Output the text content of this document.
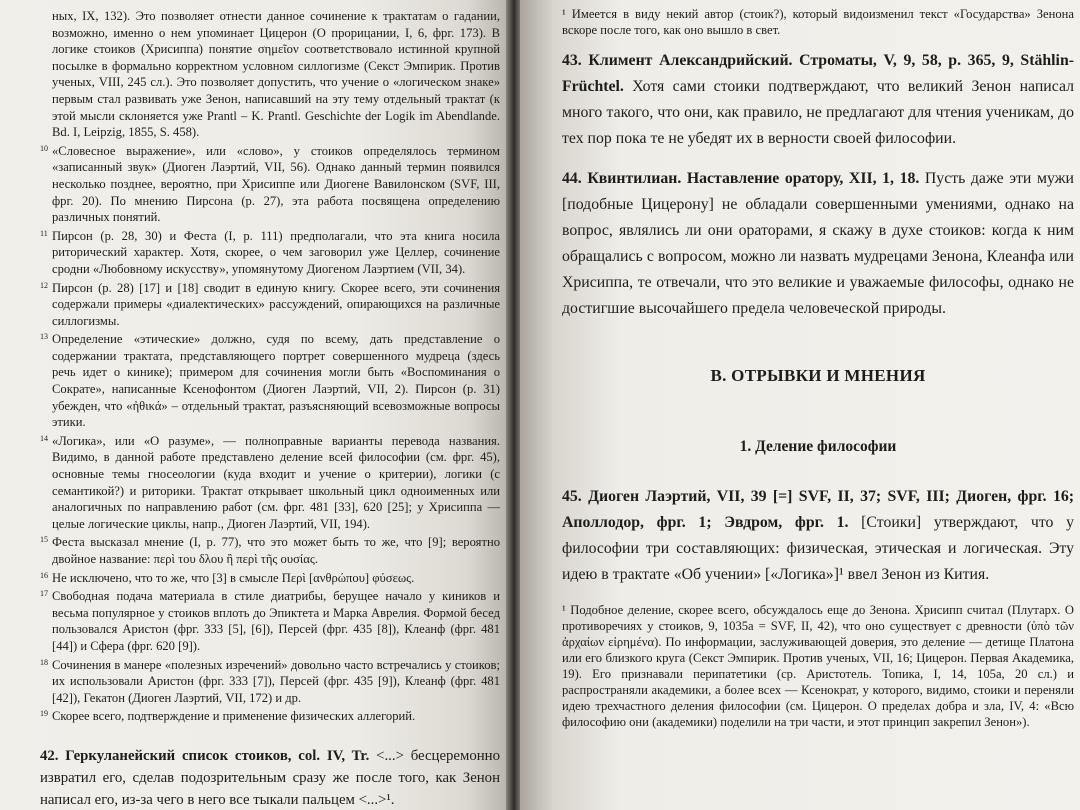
ных, IX, 132). Это позволяет отнести данное сочинение к трактатам о гадании, возможно, именно о нем упоминает Цицерон (О прорицании, I, 6, фрг. 173). В логике стоиков (Хрисиппа) понятие σημεῖον соответствовало истинной крупной посылке в формально корректном условном силлогизме (Секст Эмпирик. Против ученых, VIII, 245 сл.). Это позволяет допустить, что учение о «логическом знаке» первым стал развивать уже Зенон, написавший на эту тему отдельный трактат (к этой мысли склоняется уже Prantl – K. Prantl. Geschichte der Logik im Abendlande. Bd. I, Leipzig, 1855, S. 458).

10 «Словесное выражение», или «слово», у стоиков определялось термином «записанный звук» (Диоген Лаэртий, VII, 56). Однако данный термин появился несколько позднее, вероятно, при Хрисиппе или Диогене Вавилонском (SVF, III, фрг. 20). По мнению Пирсона (р. 27), эта работа посвящена определению различных понятий.

11 Пирсон (р. 28, 30) и Феста (I, р. 111) предполагали, что эта книга носила риторический характер. Хотя, скорее, о чем заговорил уже Целлер, сочинение сродни «Любовному искусству», упомянутому Диогеном Лаэртием (VII, 34).

12 Пирсон (р. 28) [17] и [18] сводит в единую книгу. Скорее всего, эти сочинения содержали примеры «диалектических» рассуждений, опирающихся на различные силлогизмы.

13 Определение «этические» должно, судя по всему, дать представление о содержании трактата, представляющего портрет совершенного мудреца (здесь речь идет о кинике); примером для сочинения могли быть «Воспоминания о Сократе», написанные Ксенофонтом (Диоген Лаэртий, VII, 2). Пирсон (р. 31) убежден, что «ἠθικά» – отдельный трактат, разъясняющий всевозможные вопросы этики.

14 «Логика», или «О разуме», — полноправные варианты перевода названия. Видимо, в данной работе представлено деление всей философии (см. фрг. 45), основные темы гносеологии (куда входит и учение о критерии), логики (с семантикой?) и риторики. Трактат открывает школьный цикл одноименных или аналогичных по направлению работ (см. фрг. 481 [33], 620 [25]; у Хрисиппа — целые логические циклы, напр., Диоген Лаэртий, VII, 194).

15 Феста высказал мнение (I, р. 77), что это может быть то же, что [9]; вероятно двойное название: περὶ του δλου ἢ περὶ τῆς ουσίας.

16 Не исключено, что то же, что [3] в смысле Περὶ [ανθρώπου] φύσεως.

17 Свободная подача материала в стиле диатрибы, берущее начало у киников и весьма популярное у стоиков вплоть до Эпиктета и Марка Аврелия. Формой бесед пользовался Аристон (фрг. 333 [5], [6]), Персей (фрг. 435 [8]), Клеанф (фрг. 481 [44]) и Сфера (фрг. 620 [9]).

18 Сочинения в манере «полезных изречений» довольно часто встречались у стоиков; их использовали Аристон (фрг. 333 [7]), Персей (фрг. 435 [9]), Клеанф (фрг. 481 [42]), Гекатон (Диоген Лаэртий, VII, 172) и др.

19 Скорее всего, подтверждение и применение физических аллегорий.

42. Геркуланейский список стоиков, col. IV, Tr. <...> бесцеремонно извратил его, сделав подозрительным сразу же после того, как Зенон написал его, из-за чего в него все тыкали пальцем <...>¹.

¹ Имеется в виду некий автор (стоик?), который видоизменил текст «Государства» Зенона вскоре после того, как оно вышло в свет.

43. Климент Александрийский. Строматы, V, 9, 58, р. 365, 9, Stählin-Früchtel. Хотя сами стоики подтверждают, что великий Зенон написал много такого, что они, как правило, не предлагают для чтения ученикам, до тех пор пока те не убедят их в верности своей философии.

44. Квинтилиан. Наставление оратору, XII, 1, 18. Пусть даже эти мужи [подобные Цицерону] не обладали совершенными умениями, однако на вопрос, являлись ли они ораторами, я скажу в духе стоиков: когда к ним обращались с вопросом, можно ли назвать мудрецами Зенона, Клеанфа или Хрисиппа, те отвечали, что это великие и уважаемые философы, однако не достигшие высочайшего предела человеческой природы.

В. ОТРЫВКИ И МНЕНИЯ
1. Деление философии

45. Диоген Лаэртий, VII, 39 [=] SVF, II, 37; SVF, III; Диоген, фрг. 16; Аполлодор, фрг. 1; Эвдром, фрг. 1. [Стоики] утверждают, что у философии три составляющих: физическая, этическая и логическая. Эту идею в трактате «Об учении» [«Логика»]¹ ввел Зенон из Кития.

¹ Подобное деление, скорее всего, обсуждалось еще до Зенона. Хрисипп считал (Плутарх. О противоречиях у стоиков, 9, 1035а = SVF, II, 42), что оно существует с древности (ὑπὸ τῶν ἀρχαίων εἰρημένα). По информации, заслуживающей доверия, это деление — детище Платона или его близкого круга (Секст Эмпирик. Против ученых, VII, 16; Цицерон. Первая Академика, 19). Его признавали перипатетики (ср. Аристотель. Топика, I, 14, 105а, 20 сл.) и распространяли академики, а более всех — Ксенократ, у которого, видимо, стоики и переняли идею трехчастного деления философии (см. Цицерон. О пределах добра и зла, IV, 4: «Всю философию они (академики) поделили на три части, и этот принцип закрепил Зенон»).
